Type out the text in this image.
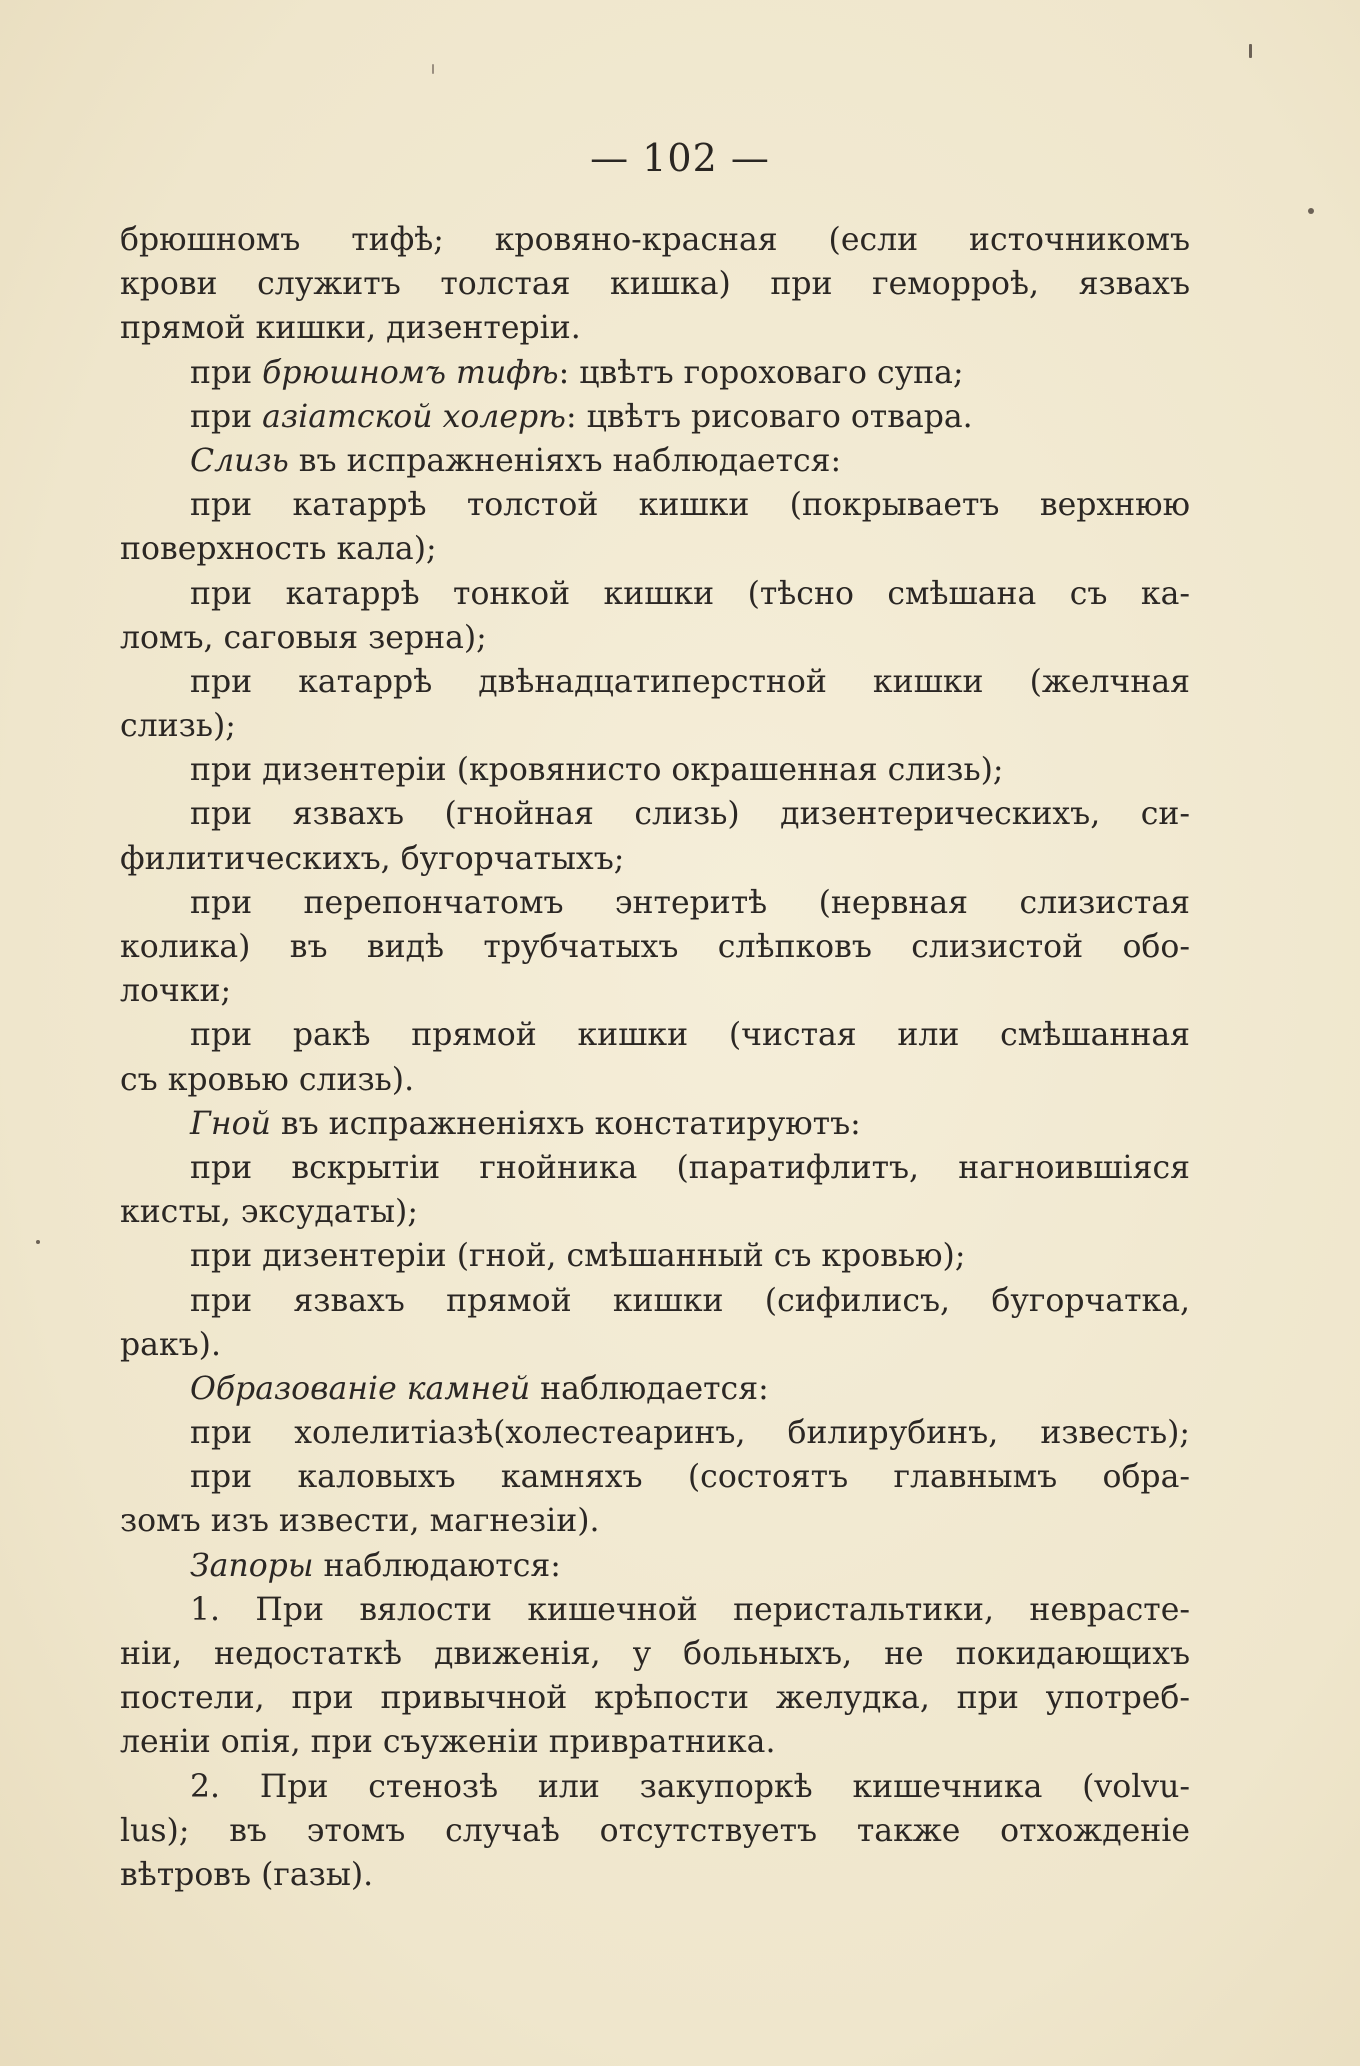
— 102 —
брюшномъ тифѣ; кровяно-красная (если источникомъ
крови служитъ толстая кишка) при геморроѣ, язвахъ
прямой кишки, дизентеріи.
при брюшномъ тифѣ: цвѣтъ гороховаго супа;
при азіатской холерѣ: цвѣтъ рисоваго отвара.
Слизь въ испражненіяхъ наблюдается:
при катаррѣ толстой кишки (покрываетъ верхнюю
поверхность кала);
при катаррѣ тонкой кишки (тѣсно смѣшана съ ка-
ломъ, саговыя зерна);
при катаррѣ двѣнадцатиперстной кишки (желчная
слизь);
при дизентеріи (кровянисто окрашенная слизь);
при язвахъ (гнойная слизь) дизентерическихъ, си-
филитическихъ, бугорчатыхъ;
при перепончатомъ энтеритѣ (нервная слизистая
колика) въ видѣ трубчатыхъ слѣпковъ слизистой обо-
лочки;
при ракѣ прямой кишки (чистая или смѣшанная
съ кровью слизь).
Гной въ испражненіяхъ констатируютъ:
при вскрытіи гнойника (паратифлитъ, нагноившіяся
кисты, эксудаты);
при дизентеріи (гной, смѣшанный съ кровью);
при язвахъ прямой кишки (сифилисъ, бугорчатка,
ракъ).
Образованіе камней наблюдается:
при холелитіазѣ(холестеаринъ, билирубинъ, известь);
при каловыхъ камняхъ (состоятъ главнымъ обра-
зомъ изъ извести, магнезіи).
Запоры наблюдаются:
1. При вялости кишечной перистальтики, неврасте-
ніи, недостаткѣ движенія, у больныхъ, не покидающихъ
постели, при привычной крѣпости желудка, при употреб-
леніи опія, при съуженіи привратника.
2. При стенозѣ или закупоркѣ кишечника (volvu-
lus); въ этомъ случаѣ отсутствуетъ также отхожденіе
вѣтровъ (газы).
